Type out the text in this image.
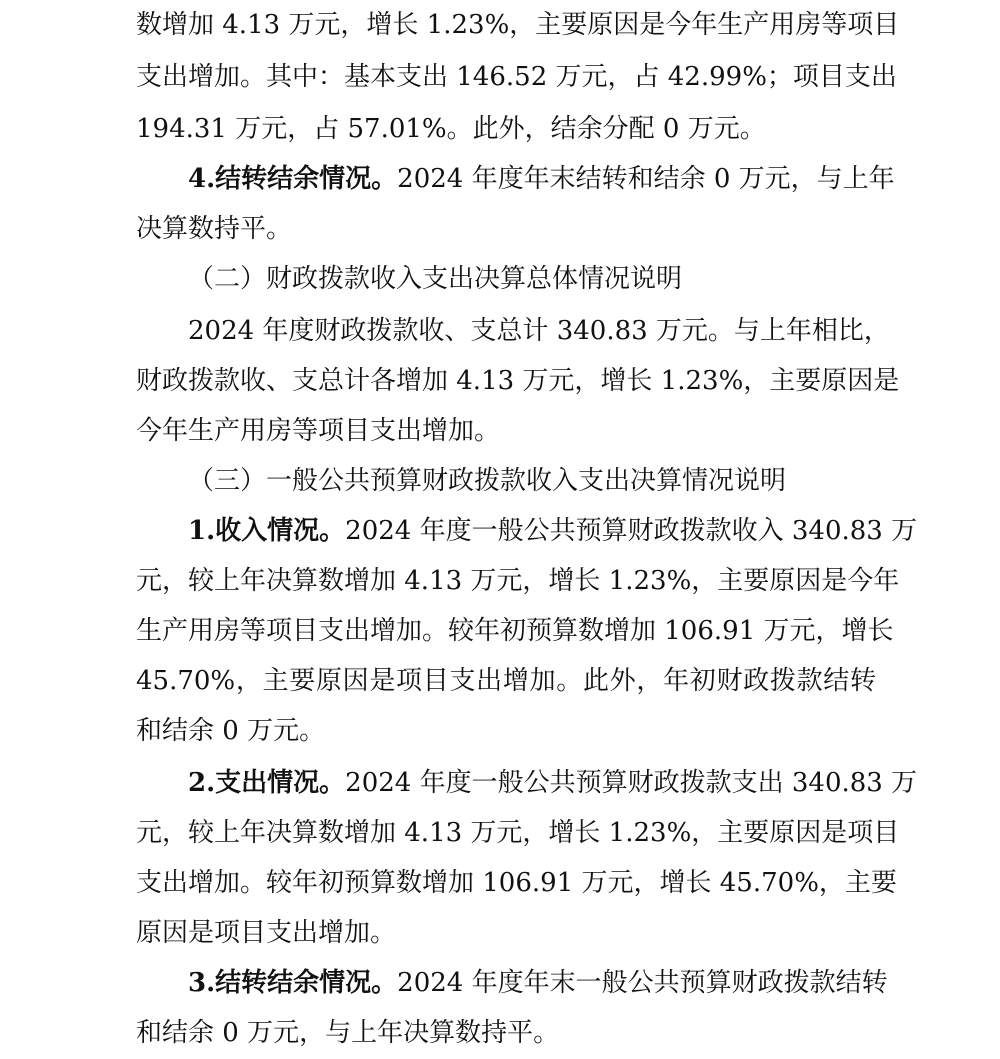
数增加 4.13 万元，增长 1.23%，主要原因是今年生产用房等项目
支出增加。其中：基本支出 146.52 万元，占 42.99%；项目支出
194.31 万元，占 57.01%。此外，结余分配 0 万元。
4.结转结余情况。2024 年度年末结转和结余 0 万元，与上年
决算数持平。
（二）财政拨款收入支出决算总体情况说明
2024 年度财政拨款收、支总计 340.83 万元。与上年相比，
财政拨款收、支总计各增加 4.13 万元，增长 1.23%，主要原因是
今年生产用房等项目支出增加。
（三）一般公共预算财政拨款收入支出决算情况说明
1.收入情况。2024 年度一般公共预算财政拨款收入 340.83 万
元，较上年决算数增加 4.13 万元，增长 1.23%，主要原因是今年
生产用房等项目支出增加。较年初预算数增加 106.91 万元，增长
45.70%，主要原因是项目支出增加。此外，年初财政拨款结转
和结余 0 万元。
2.支出情况。2024 年度一般公共预算财政拨款支出 340.83 万
元，较上年决算数增加 4.13 万元，增长 1.23%，主要原因是项目
支出增加。较年初预算数增加 106.91 万元，增长 45.70%，主要
原因是项目支出增加。
3.结转结余情况。2024 年度年末一般公共预算财政拨款结转
和结余 0 万元，与上年决算数持平。
